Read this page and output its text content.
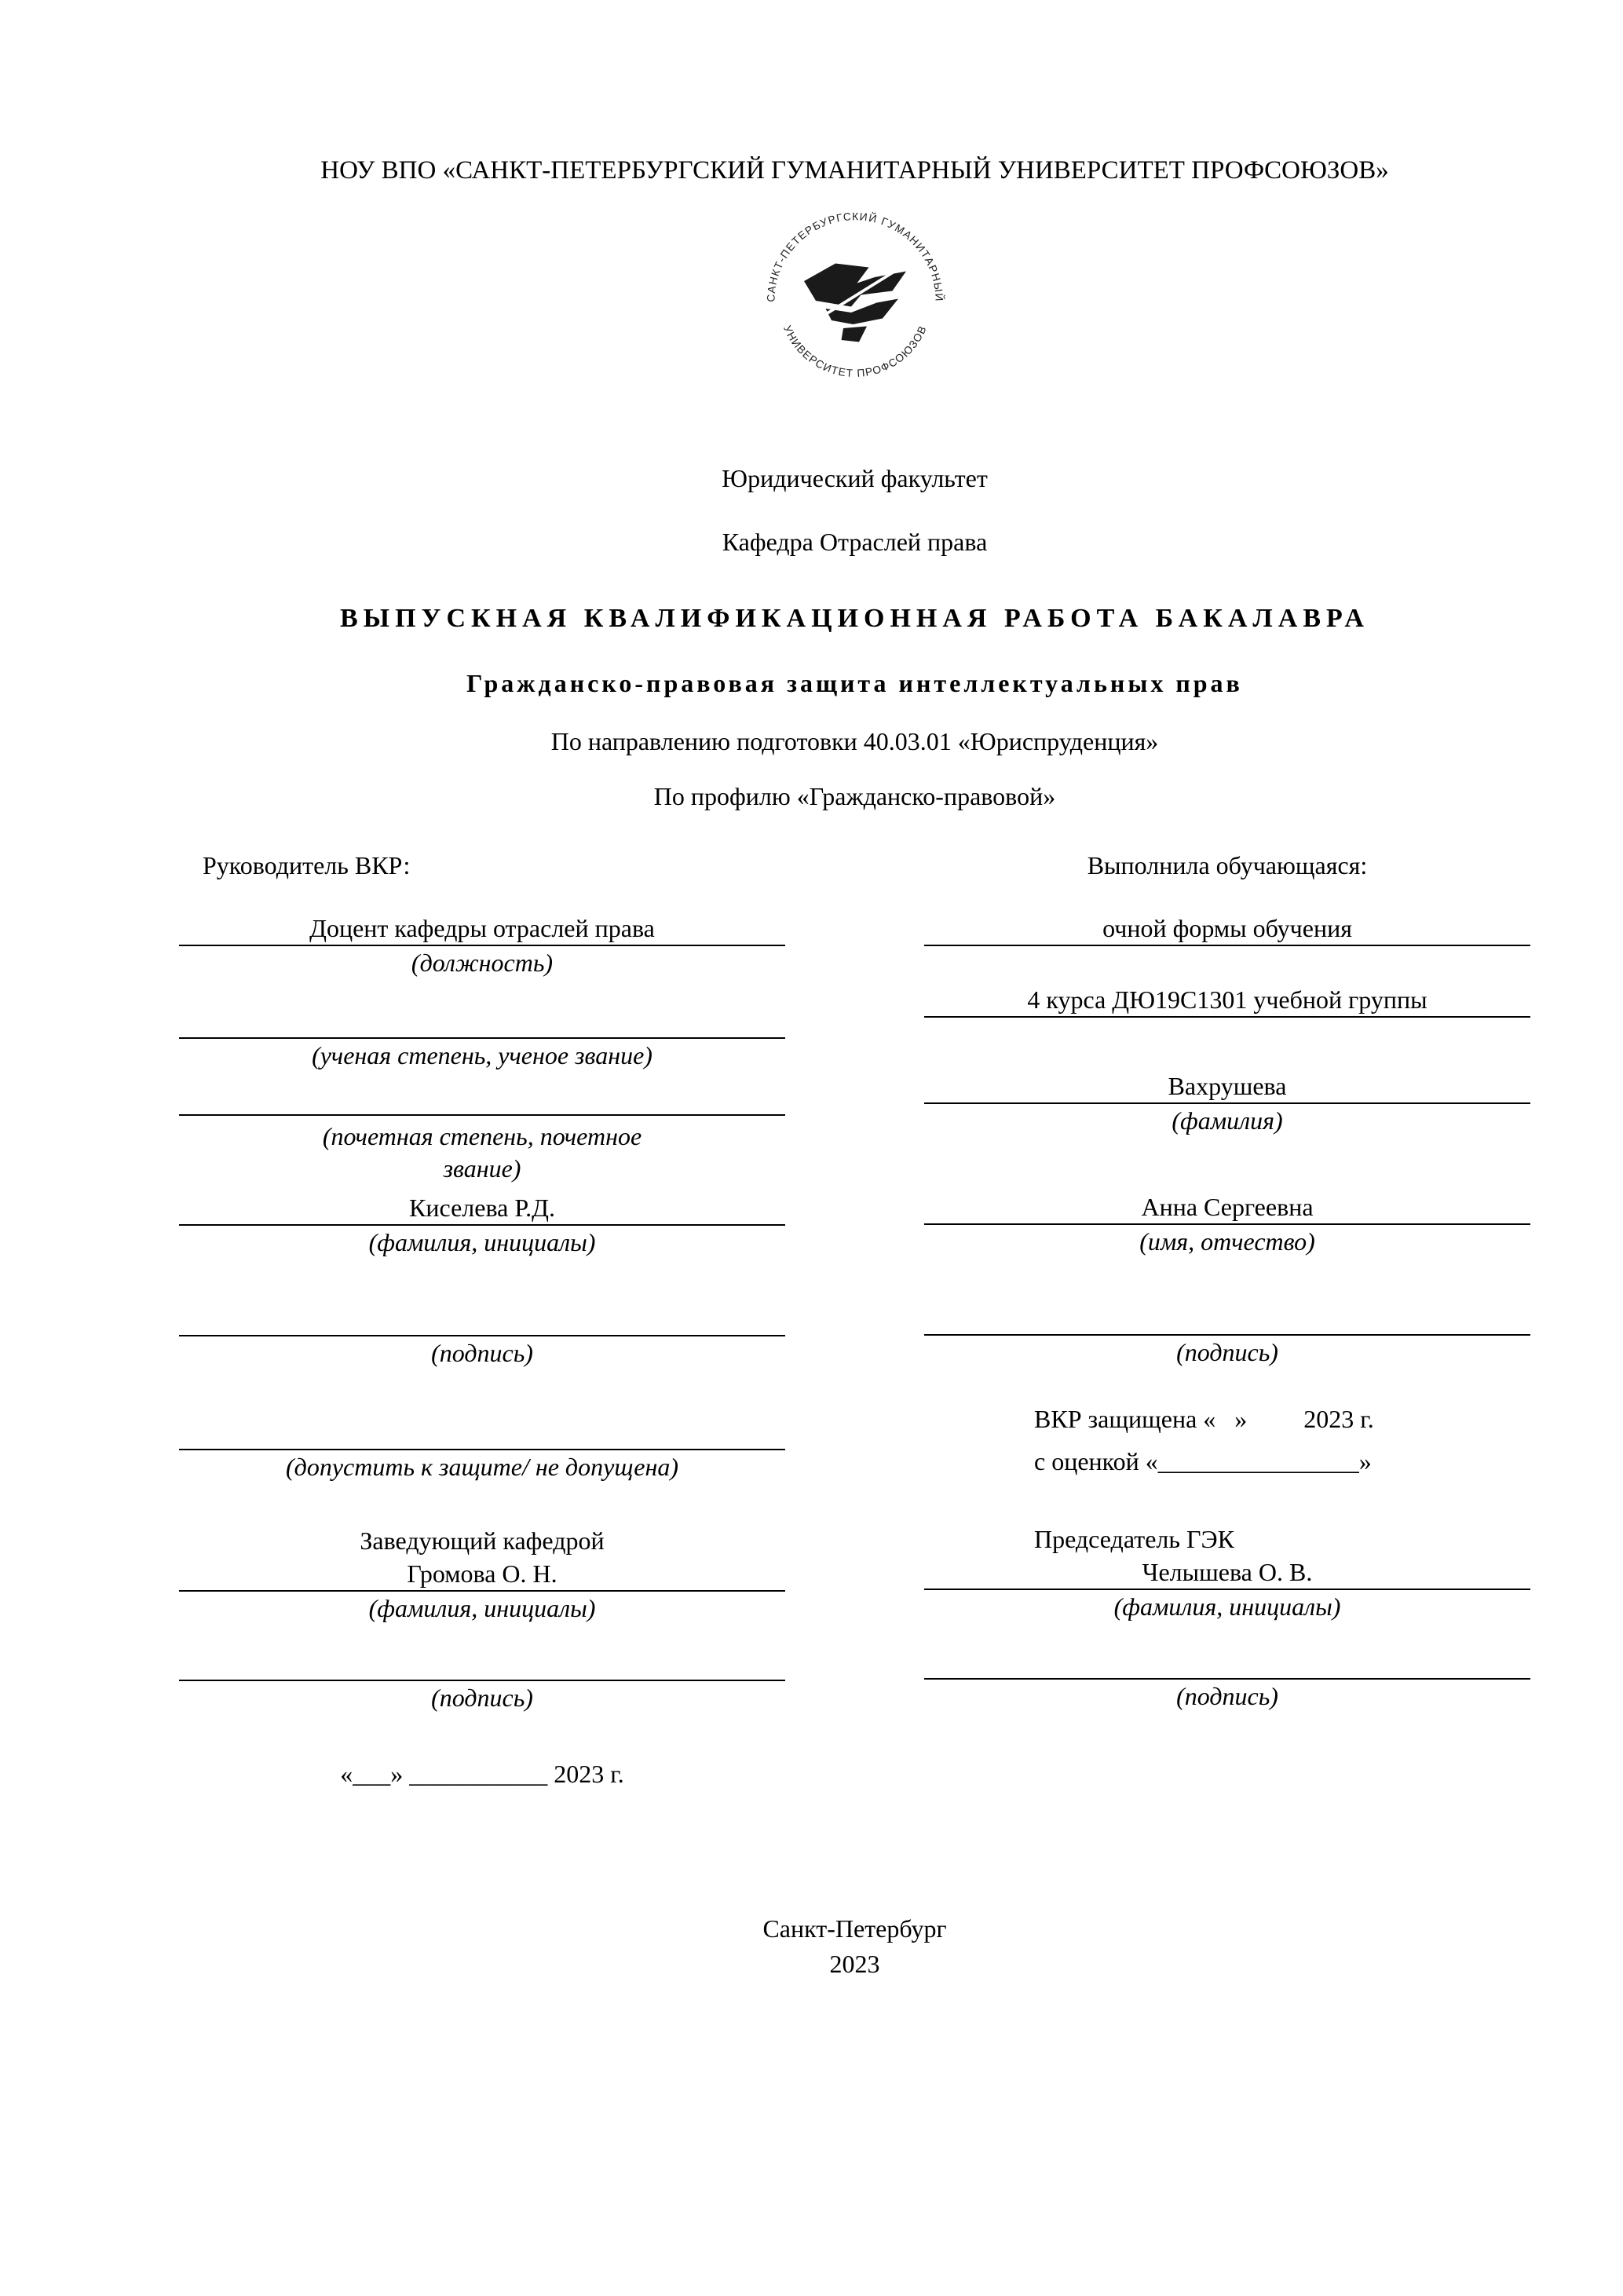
НОУ ВПО «САНКТ-ПЕТЕРБУРГСКИЙ ГУМАНИТАРНЫЙ УНИВЕРСИТЕТ ПРОФСОЮЗОВ»
САНКТ-ПЕТЕРБУРГСКИЙ ГУМАНИТАРНЫЙ
УНИВЕРСИТЕТ ПРОФСОЮЗОВ
Юридический факультет
Кафедра Отраслей права
ВЫПУСКНАЯ КВАЛИФИКАЦИОННАЯ РАБОТА БАКАЛАВРА
Гражданско-правовая защита интеллектуальных прав
По направлению подготовки 40.03.01 «Юриспруденция»
По профилю «Гражданско-правовой»
Руководитель ВКР:
Доцент кафедры отраслей права
(должность)
(ученая степень, ученое звание)
(почетная степень, почетное звание)
Киселева Р.Д.
(фамилия, инициалы)
(подпись)
(допустить к защите/ не допущена)
Заведующий кафедрой
Громова О. Н.
(фамилия, инициалы)
(подпись)
«___» ___________ 2023 г.
Выполнила обучающаяся:
очной формы обучения
4 курса ДЮ19С1301 учебной группы
Вахрушева
(фамилия)
Анна Сергеевна
(имя, отчество)
(подпись)
ВКР защищена «   »         2023 г.
с оценкой «________________»
Председатель ГЭК
Челышева О. В.
(фамилия, инициалы)
(подпись)
Санкт-Петербург
2023
